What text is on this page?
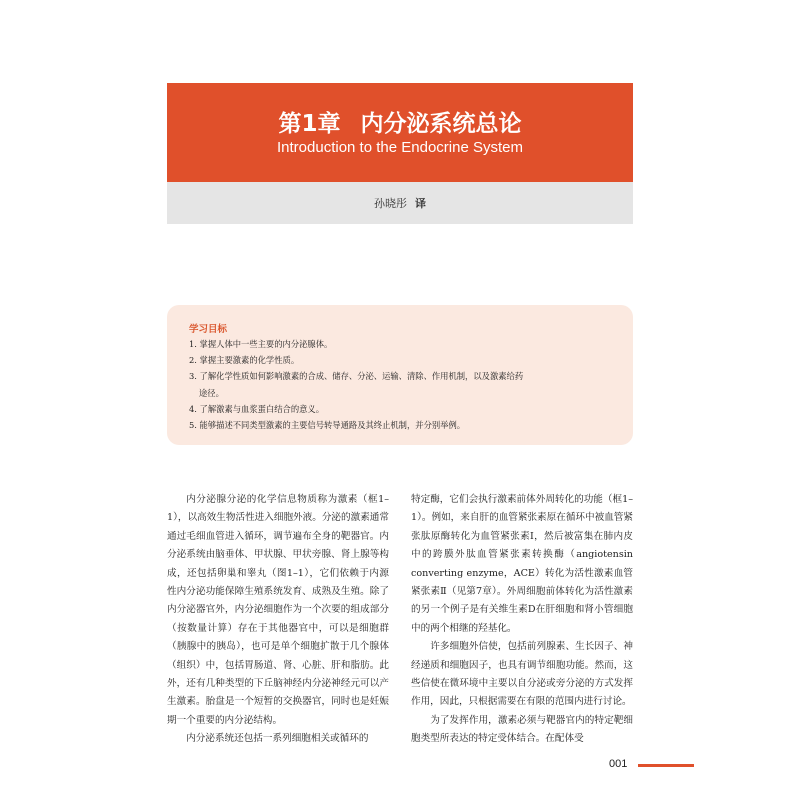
第1章 内分泌系统总论
Introduction to the Endocrine System
孙晓彤 译
学习目标
1. 掌握人体中一些主要的内分泌腺体。
2. 掌握主要激素的化学性质。
3. 了解化学性质如何影响激素的合成、储存、分泌、运输、清除、作用机制，以及激素给药
途径。
4. 了解激素与血浆蛋白结合的意义。
5. 能够描述不同类型激素的主要信号转导通路及其终止机制，并分别举例。

内分泌腺分泌的化学信息物质称为激素（框1–1），以高效生物活性进入细胞外液。分泌的激素通常通过毛细血管进入循环，调节遍布全身的靶器官。内分泌系统由脑垂体、甲状腺、甲状旁腺、肾上腺等构成，还包括卵巢和睾丸（图1–1），它们依赖于内源性内分泌功能保障生殖系统发育、成熟及生殖。除了内分泌器官外，内分泌细胞作为一个次要的组成部分（按数量计算）存在于其他器官中，可以是细胞群（胰腺中的胰岛），也可是单个细胞扩散于几个腺体（组织）中，包括胃肠道、肾、心脏、肝和脂肪。此外，还有几种类型的下丘脑神经内分泌神经元可以产生激素。胎盘是一个短暂的交换器官，同时也是妊娠期一个重要的内分泌结构。

内分泌系统还包括一系列细胞相关或循环的

特定酶，它们会执行激素前体外周转化的功能（框1–1）。例如，来自肝的血管紧张素原在循环中被血管紧张肽原酶转化为血管紧张素Ⅰ，然后被富集在肺内皮中的跨膜外肽血管紧张素转换酶（angiotensin converting enzyme，ACE）转化为活性激素血管紧张素Ⅱ（见第7章）。外周细胞前体转化为活性激素的另一个例子是有关维生素D在肝细胞和肾小管细胞中的两个相继的羟基化。

许多细胞外信使，包括前列腺素、生长因子、神经递质和细胞因子，也具有调节细胞功能。然而，这些信使在微环境中主要以自分泌或旁分泌的方式发挥作用，因此，只根据需要在有限的范围内进行讨论。

为了发挥作用，激素必须与靶器官内的特定靶细胞类型所表达的特定受体结合。在配体受

001
